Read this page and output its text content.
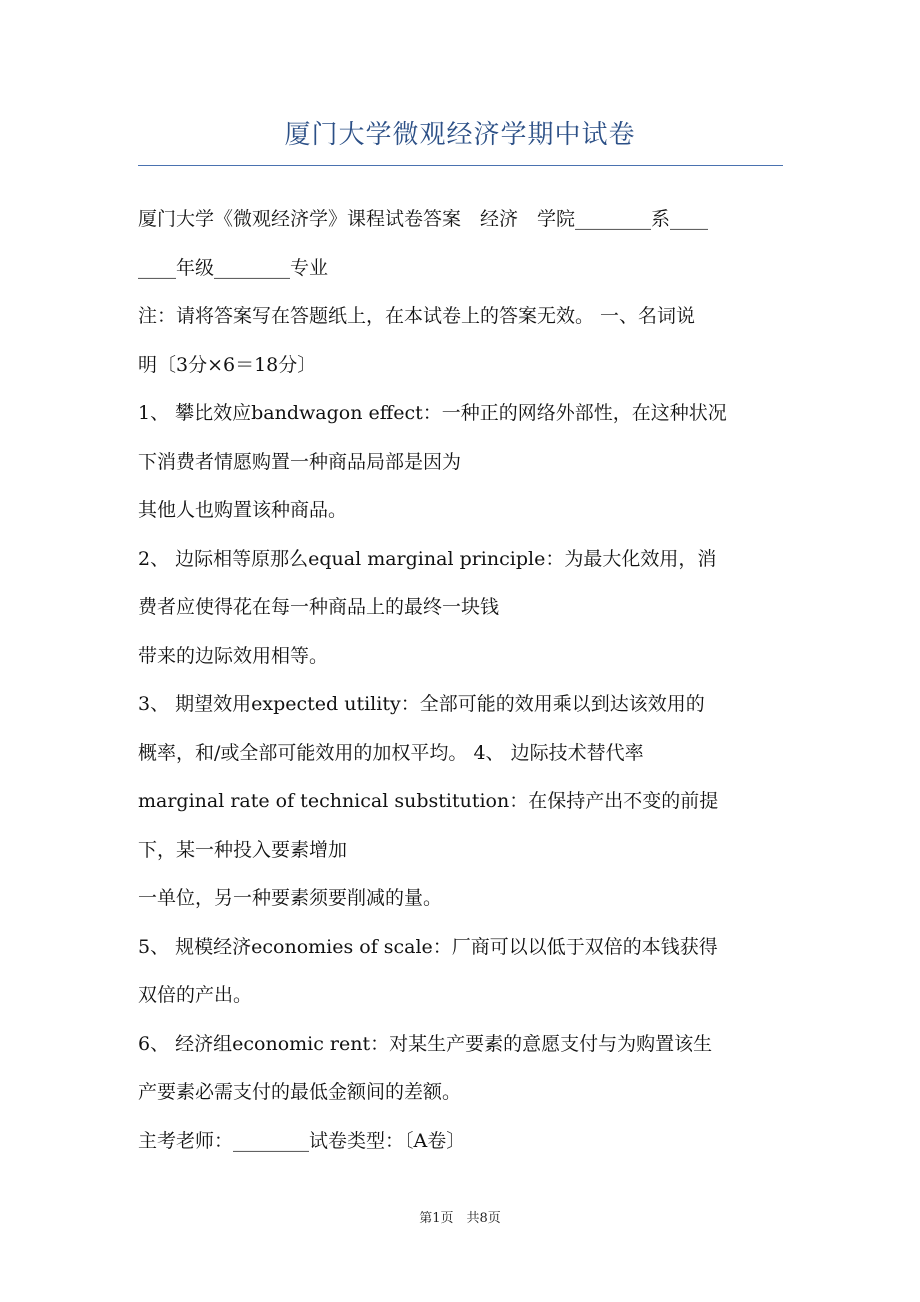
厦门大学微观经济学期中试卷
厦门大学《微观经济学》课程试卷答案　经济　学院________系____
____年级________专业
注：请将答案写在答题纸上，在本试卷上的答案无效。 一、名词说
明〔3分×6＝18分〕
1、 攀比效应bandwagon effect：一种正的网络外部性，在这种状况
下消费者情愿购置一种商品局部是因为
其他人也购置该种商品。
2、 边际相等原那么equal marginal principle：为最大化效用，消
费者应使得花在每一种商品上的最终一块钱
带来的边际效用相等。
3、 期望效用expected utility：全部可能的效用乘以到达该效用的
概率，和/或全部可能效用的加权平均。 4、 边际技术替代率
marginal rate of technical substitution：在保持产出不变的前提
下，某一种投入要素增加
一单位，另一种要素须要削减的量。
5、 规模经济economies of scale：厂商可以以低于双倍的本钱获得
双倍的产出。
6、 经济组economic rent：对某生产要素的意愿支付与为购置该生
产要素必需支付的最低金额间的差额。
主考老师：________试卷类型：〔A卷〕
第1页　共8页
